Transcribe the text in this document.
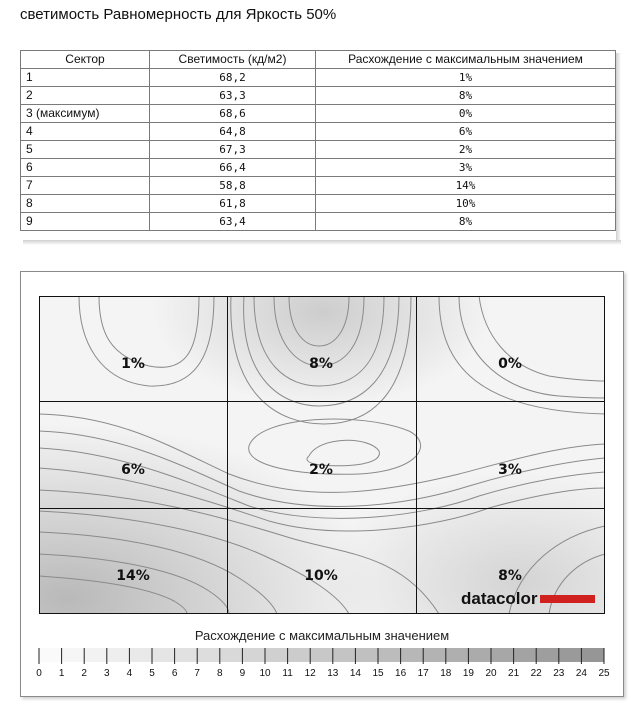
светимость Равномерность для Яркость 50%
Сектор	Светимость (кд/м2)	Расхождение с максимальным значением
1	68,2	1%
2	63,3	8%
3 (максимум)	68,6	0%
4	64,8	6%
5	67,3	2%
6	66,4	3%
7	58,8	14%
8	61,8	10%
9	63,4	8%
1%	8%	0%
6%	2%	3%
14%	10%	8%
datacolor
Расхождение с максимальным значением
0 1 2 3 4 5 6 7 8 9 10 11 12 13 14 15 16 17 18 19 20 21 22 23 24 25
